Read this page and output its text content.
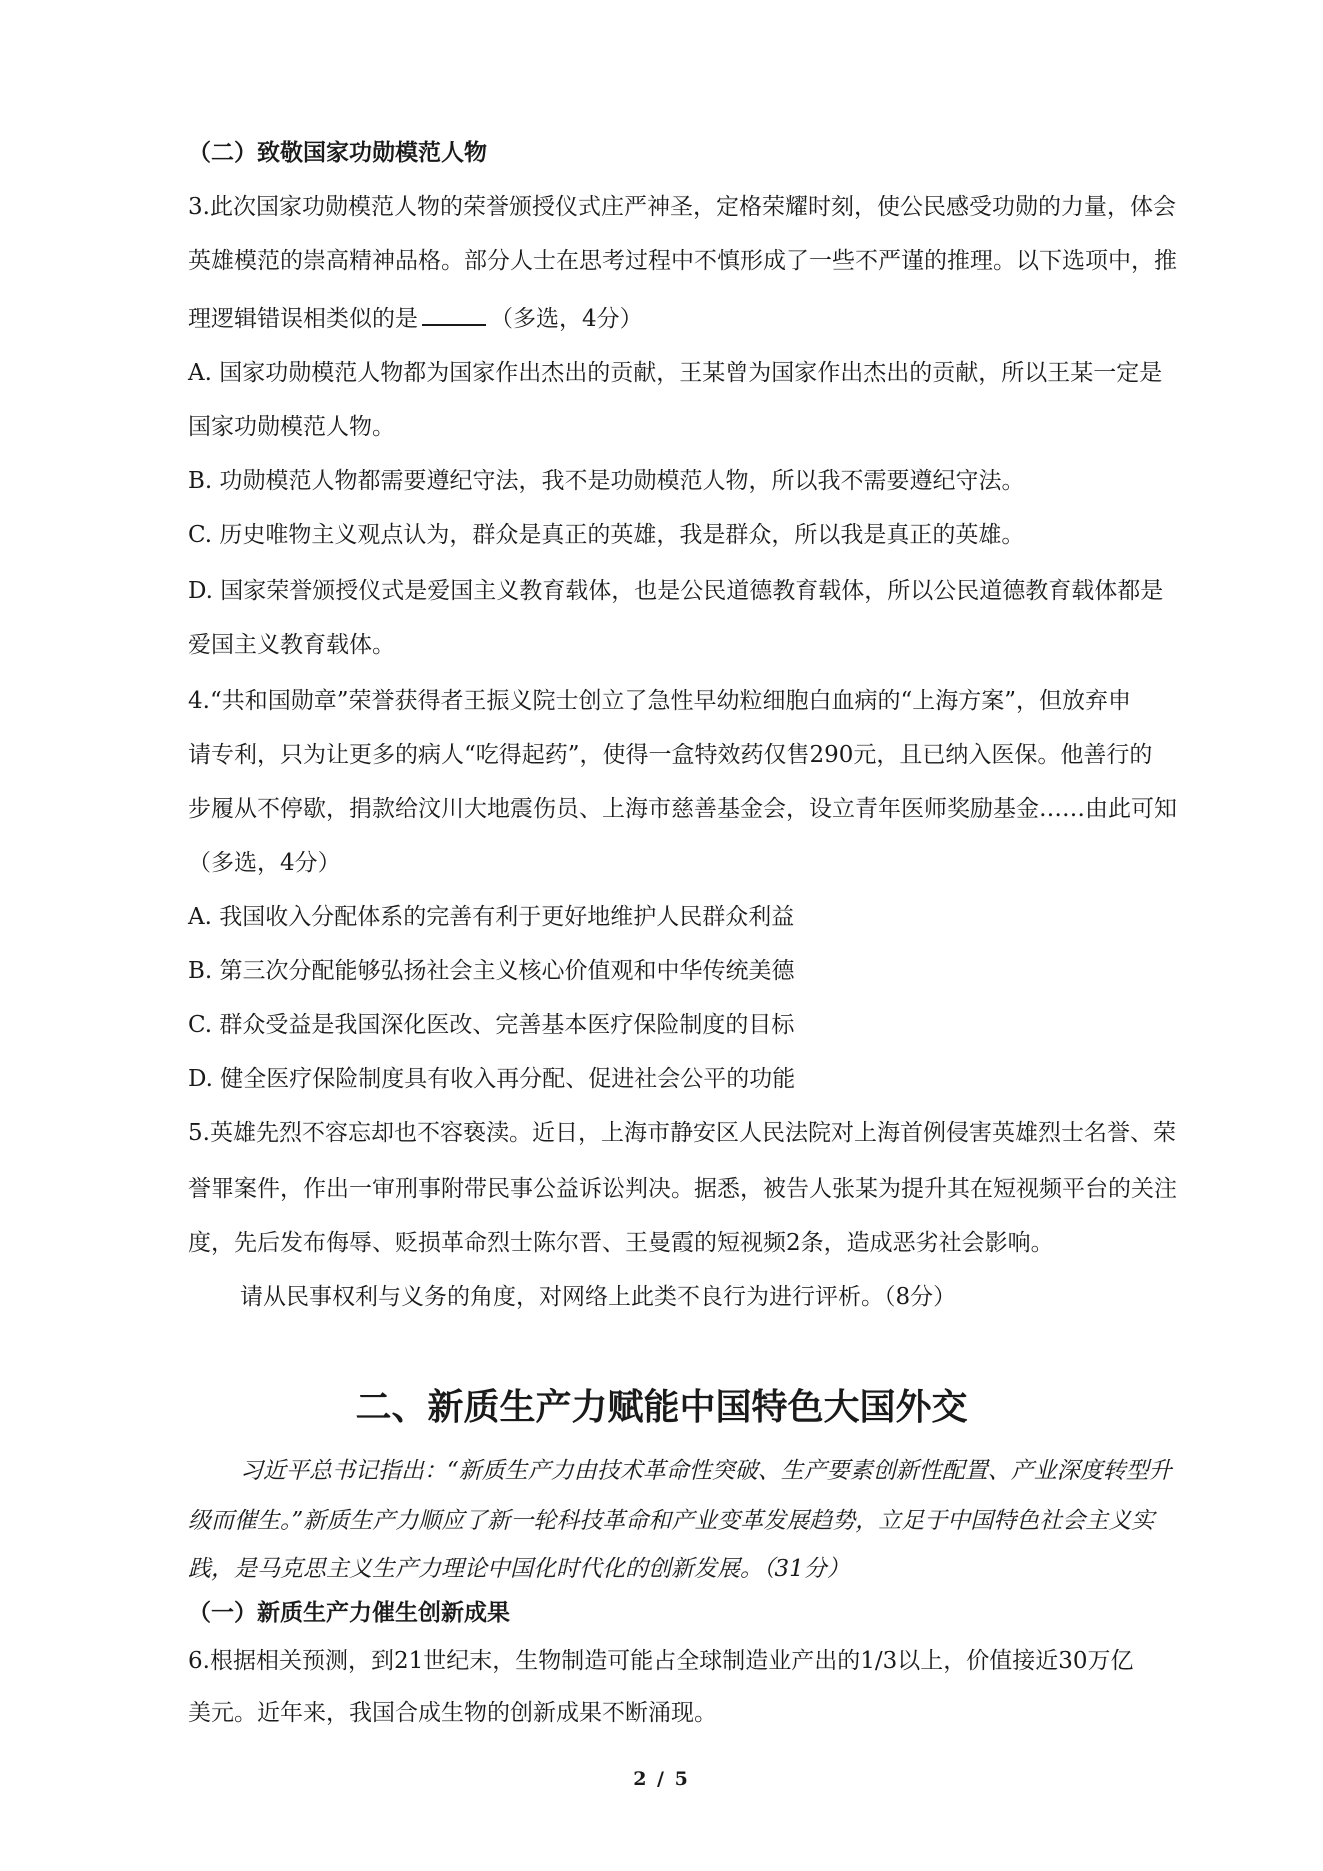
（二）致敬国家功勋模范人物
3.此次国家功勋模范人物的荣誉颁授仪式庄严神圣，定格荣耀时刻，使公民感受功勋的力量，体会
英雄模范的崇高精神品格。部分人士在思考过程中不慎形成了一些不严谨的推理。以下选项中，推
理逻辑错误相类似的是	（多选，4分）
A. 国家功勋模范人物都为国家作出杰出的贡献，王某曾为国家作出杰出的贡献，所以王某一定是
国家功勋模范人物。
B. 功勋模范人物都需要遵纪守法，我不是功勋模范人物，所以我不需要遵纪守法。
C. 历史唯物主义观点认为，群众是真正的英雄，我是群众，所以我是真正的英雄。
D. 国家荣誉颁授仪式是爱国主义教育载体，也是公民道德教育载体，所以公民道德教育载体都是
爱国主义教育载体。
4.“共和国勋章”荣誉获得者王振义院士创立了急性早幼粒细胞白血病的“上海方案”，但放弃申
请专利，只为让更多的病人“吃得起药”，使得一盒特效药仅售290元，且已纳入医保。他善行的
步履从不停歇，捐款给汶川大地震伤员、上海市慈善基金会，设立青年医师奖励基金……由此可知
（多选，4分）
A. 我国收入分配体系的完善有利于更好地维护人民群众利益
B. 第三次分配能够弘扬社会主义核心价值观和中华传统美德
C. 群众受益是我国深化医改、完善基本医疗保险制度的目标
D. 健全医疗保险制度具有收入再分配、促进社会公平的功能
5.英雄先烈不容忘却也不容亵渎。近日，上海市静安区人民法院对上海首例侵害英雄烈士名誉、荣
誉罪案件，作出一审刑事附带民事公益诉讼判决。据悉，被告人张某为提升其在短视频平台的关注
度，先后发布侮辱、贬损革命烈士陈尔晋、王曼霞的短视频2条，造成恶劣社会影响。
请从民事权利与义务的角度，对网络上此类不良行为进行评析。（8分）
二、新质生产力赋能中国特色大国外交
习近平总书记指出：“新质生产力由技术革命性突破、生产要素创新性配置、产业深度转型升
级而催生。”新质生产力顺应了新一轮科技革命和产业变革发展趋势，立足于中国特色社会主义实
践，是马克思主义生产力理论中国化时代化的创新发展。（31分）
（一）新质生产力催生创新成果
6.根据相关预测，到21世纪末，生物制造可能占全球制造业产出的1/3以上，价值接近30万亿
美元。近年来，我国合成生物的创新成果不断涌现。
2 / 5
